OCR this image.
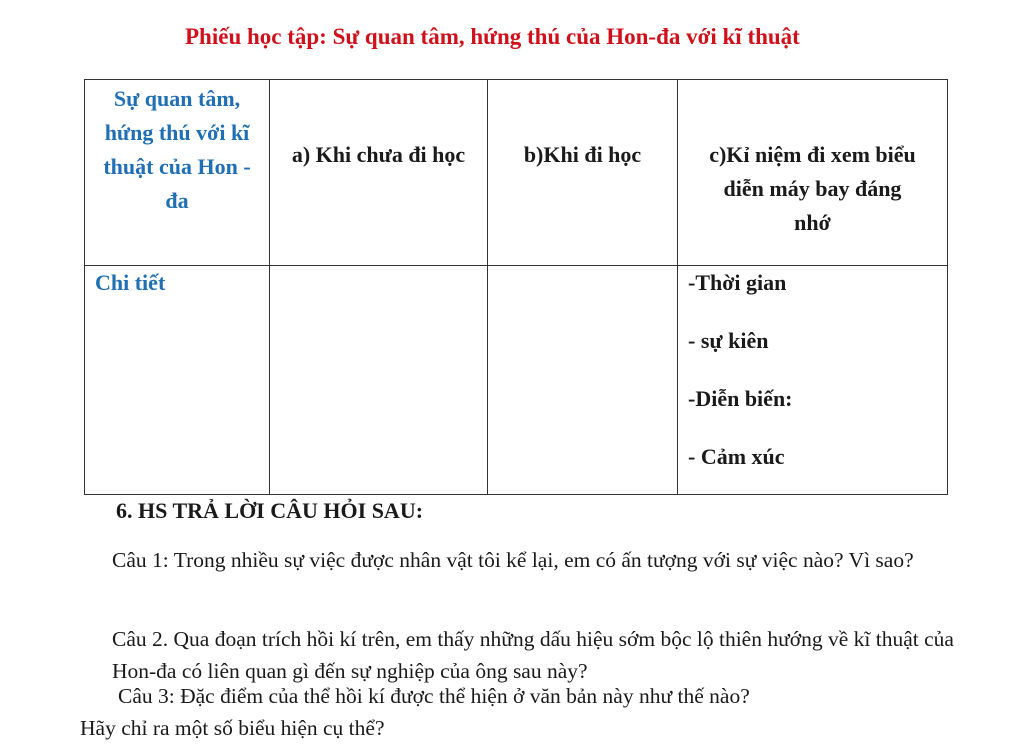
Phiếu học tập: Sự quan tâm, hứng thú của Hon-đa với kĩ thuật
Sự quan tâm, hứng thú với kĩ thuật của Hon - đa	a) Khi chưa đi học	b)Khi đi học	c)Kỉ niệm đi xem biểu diễn máy bay đáng nhớ

Chi tiết			-Thời gian
- sự kiên
-Diễn biến:
- Cảm xúc
6. HS TRẢ LỜI CÂU HỎI SAU:
Câu 1: Trong nhiều sự việc được nhân vật tôi kể lại, em có ấn tượng với sự việc nào? Vì sao?
Câu 2. Qua đoạn trích hồi kí trên, em thấy những dấu hiệu sớm bộc lộ thiên hướng về kĩ thuật của Hon-đa có liên quan gì đến sự nghiệp của ông sau này?
Câu 3: Đặc điểm của thể hồi kí được thể hiện ở văn bản này như thế nào?
Hãy chỉ ra một số biểu hiện cụ thể?
